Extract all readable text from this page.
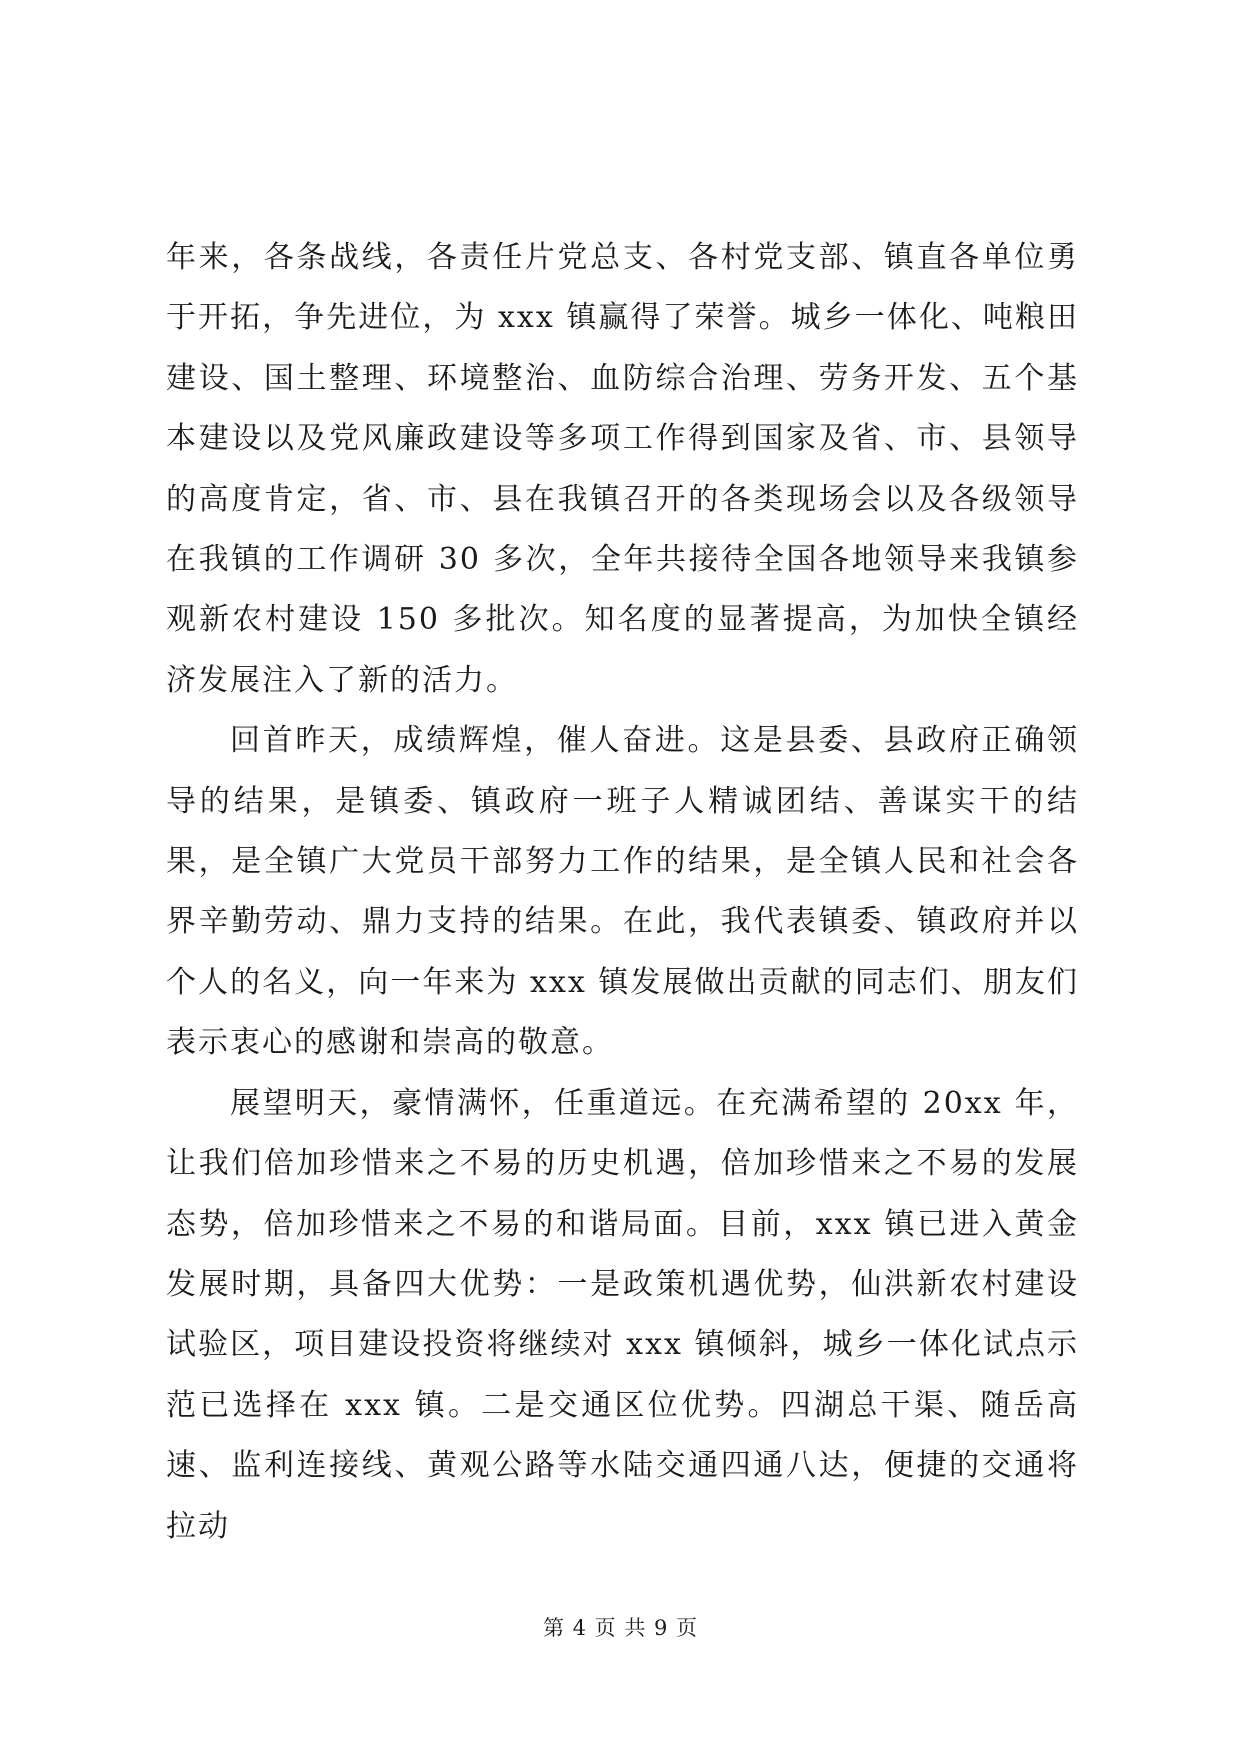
年来，各条战线，各责任片党总支、各村党支部、镇直各单位勇于开拓，争先进位，为 xxx 镇赢得了荣誉。城乡一体化、吨粮田建设、国土整理、环境整治、血防综合治理、劳务开发、五个基本建设以及党风廉政建设等多项工作得到国家及省、市、县领导的高度肯定，省、市、县在我镇召开的各类现场会以及各级领导在我镇的工作调研 30 多次，全年共接待全国各地领导来我镇参观新农村建设 150 多批次。知名度的显著提高，为加快全镇经济发展注入了新的活力。

回首昨天，成绩辉煌，催人奋进。这是县委、县政府正确领导的结果，是镇委、镇政府一班子人精诚团结、善谋实干的结果，是全镇广大党员干部努力工作的结果，是全镇人民和社会各界辛勤劳动、鼎力支持的结果。在此，我代表镇委、镇政府并以个人的名义，向一年来为 xxx 镇发展做出贡献的同志们、朋友们表示衷心的感谢和崇高的敬意。

展望明天，豪情满怀，任重道远。在充满希望的 20xx 年，让我们倍加珍惜来之不易的历史机遇，倍加珍惜来之不易的发展态势，倍加珍惜来之不易的和谐局面。目前，xxx 镇已进入黄金发展时期，具备四大优势：一是政策机遇优势，仙洪新农村建设试验区，项目建设投资将继续对 xxx 镇倾斜，城乡一体化试点示范已选择在 xxx 镇。二是交通区位优势。四湖总干渠、随岳高速、监利连接线、黄观公路等水陆交通四通八达，便捷的交通将拉动

第 4 页 共 9 页
